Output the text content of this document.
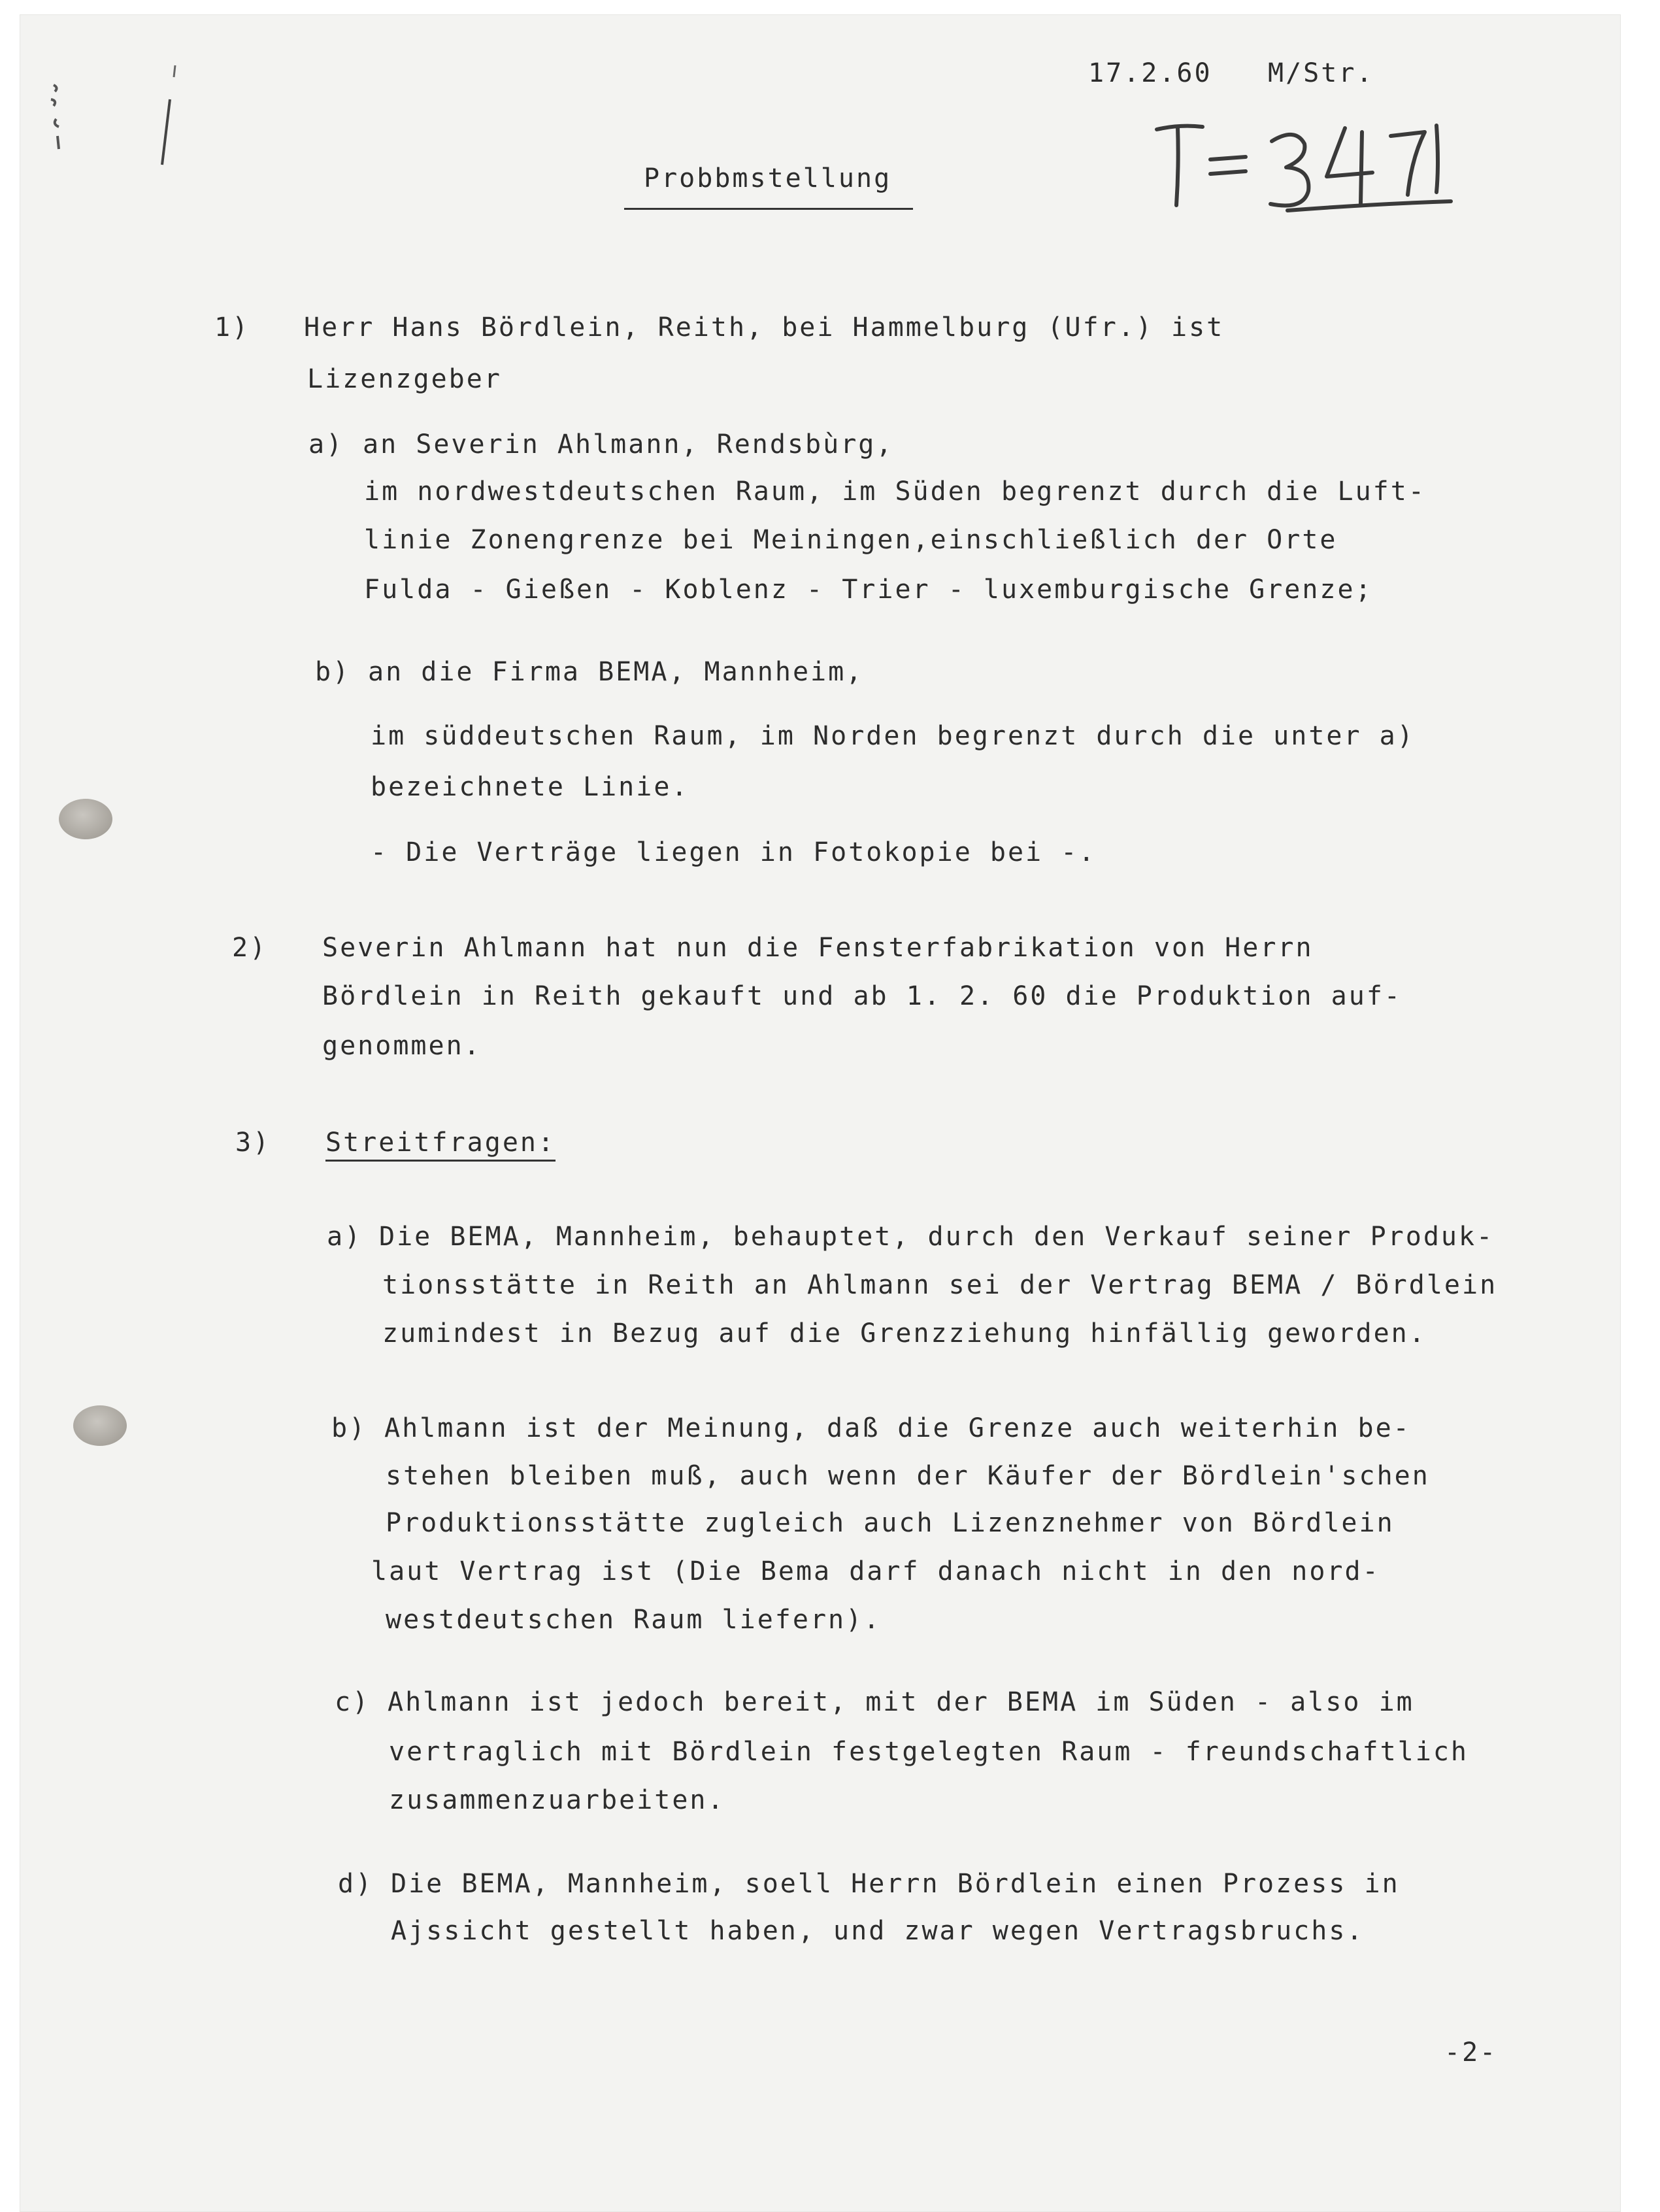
17.2.60 M/Str.
Probbmstellung
1) Herr Hans Bördlein, Reith, bei Hammelburg (Ufr.) ist
Lizenzgeber
a) an Severin Ahlmann, Rendsbùrg,
im nordwestdeutschen Raum, im Süden begrenzt durch die Luft-
linie Zonengrenze bei Meiningen,einschließlich der Orte
Fulda - Gießen - Koblenz - Trier - luxemburgische Grenze;
b) an die Firma BEMA, Mannheim,
im süddeutschen Raum, im Norden begrenzt durch die unter a)
bezeichnete Linie.
- Die Verträge liegen in Fotokopie bei -.
2) Severin Ahlmann hat nun die Fensterfabrikation von Herrn
Bördlein in Reith gekauft und ab 1. 2. 60 die Produktion auf-
genommen.
3) Streitfragen:
a) Die BEMA, Mannheim, behauptet, durch den Verkauf seiner Produk-
tionsstätte in Reith an Ahlmann sei der Vertrag BEMA / Bördlein
zumindest in Bezug auf die Grenzziehung hinfällig geworden.
b) Ahlmann ist der Meinung, daß die Grenze auch weiterhin be-
stehen bleiben muß, auch wenn der Käufer der Bördlein'schen
Produktionsstätte zugleich auch Lizenznehmer von Bördlein
laut Vertrag ist (Die Bema darf danach nicht in den nord-
westdeutschen Raum liefern).
c) Ahlmann ist jedoch bereit, mit der BEMA im Süden - also im
vertraglich mit Bördlein festgelegten Raum - freundschaftlich
zusammenzuarbeiten.
d) Die BEMA, Mannheim, soell Herrn Bördlein einen Prozess in
Ajssicht gestellt haben, und zwar wegen Vertragsbruchs.
-2-
